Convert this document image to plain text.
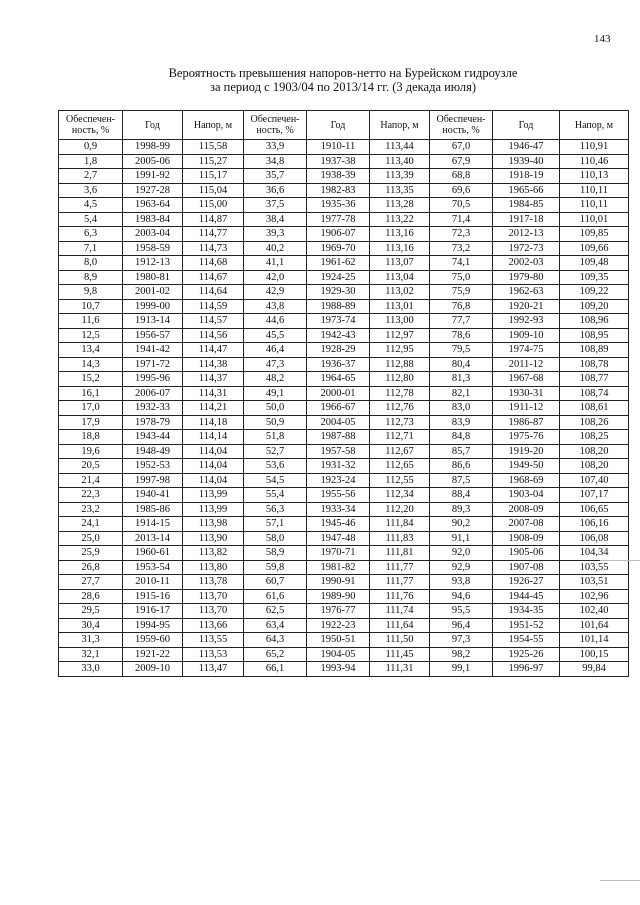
143
Вероятность превышения напоров-нетто на Бурейском гидроузле
за период с 1903/04 по 2013/14 гг. (3 декада июля)
Обеспечен-ность, %	Год	Напор, м	Обеспечен-ность, %	Год	Напор, м	Обеспечен-ность, %	Год	Напор, м
0,9	1998-99	115,58	33,9	1910-11	113,44	67,0	1946-47	110,91
1,8	2005-06	115,27	34,8	1937-38	113,40	67,9	1939-40	110,46
2,7	1991-92	115,17	35,7	1938-39	113,39	68,8	1918-19	110,13
3,6	1927-28	115,04	36,6	1982-83	113,35	69,6	1965-66	110,11
4,5	1963-64	115,00	37,5	1935-36	113,28	70,5	1984-85	110,11
5,4	1983-84	114,87	38,4	1977-78	113,22	71,4	1917-18	110,01
6,3	2003-04	114,77	39,3	1906-07	113,16	72,3	2012-13	109,85
7,1	1958-59	114,73	40,2	1969-70	113,16	73,2	1972-73	109,66
8,0	1912-13	114,68	41,1	1961-62	113,07	74,1	2002-03	109,48
8,9	1980-81	114,67	42,0	1924-25	113,04	75,0	1979-80	109,35
9,8	2001-02	114,64	42,9	1929-30	113,02	75,9	1962-63	109,22
10,7	1999-00	114,59	43,8	1988-89	113,01	76,8	1920-21	109,20
11,6	1913-14	114,57	44,6	1973-74	113,00	77,7	1992-93	108,96
12,5	1956-57	114,56	45,5	1942-43	112,97	78,6	1909-10	108,95
13,4	1941-42	114,47	46,4	1928-29	112,95	79,5	1974-75	108,89
14,3	1971-72	114,38	47,3	1936-37	112,88	80,4	2011-12	108,78
15,2	1995-96	114,37	48,2	1964-65	112,80	81,3	1967-68	108,77
16,1	2006-07	114,31	49,1	2000-01	112,78	82,1	1930-31	108,74
17,0	1932-33	114,21	50,0	1966-67	112,76	83,0	1911-12	108,61
17,9	1978-79	114,18	50,9	2004-05	112,73	83,9	1986-87	108,26
18,8	1943-44	114,14	51,8	1987-88	112,71	84,8	1975-76	108,25
19,6	1948-49	114,04	52,7	1957-58	112,67	85,7	1919-20	108,20
20,5	1952-53	114,04	53,6	1931-32	112,65	86,6	1949-50	108,20
21,4	1997-98	114,04	54,5	1923-24	112,55	87,5	1968-69	107,40
22,3	1940-41	113,99	55,4	1955-56	112,34	88,4	1903-04	107,17
23,2	1985-86	113,99	56,3	1933-34	112,20	89,3	2008-09	106,65
24,1	1914-15	113,98	57,1	1945-46	111,84	90,2	2007-08	106,16
25,0	2013-14	113,90	58,0	1947-48	111,83	91,1	1908-09	106,08
25,9	1960-61	113,82	58,9	1970-71	111,81	92,0	1905-06	104,34
26,8	1953-54	113,80	59,8	1981-82	111,77	92,9	1907-08	103,55
27,7	2010-11	113,78	60,7	1990-91	111,77	93,8	1926-27	103,51
28,6	1915-16	113,70	61,6	1989-90	111,76	94,6	1944-45	102,96
29,5	1916-17	113,70	62,5	1976-77	111,74	95,5	1934-35	102,40
30,4	1994-95	113,66	63,4	1922-23	111,64	96,4	1951-52	101,64
31,3	1959-60	113,55	64,3	1950-51	111,50	97,3	1954-55	101,14
32,1	1921-22	113,53	65,2	1904-05	111,45	98,2	1925-26	100,15
33,0	2009-10	113,47	66,1	1993-94	111,31	99,1	1996-97	99,84
